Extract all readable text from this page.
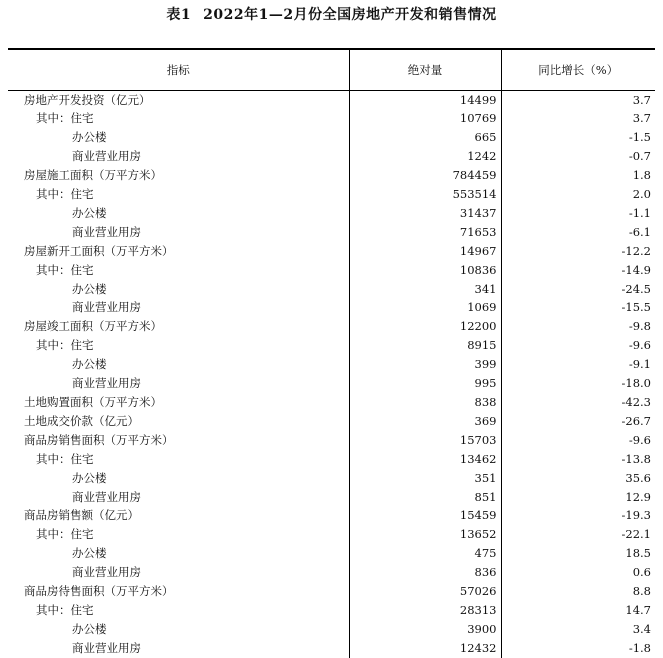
表1 2022年1—2月份全国房地产开发和销售情况
指标	绝对量	同比增长（%）
房地产开发投资（亿元）	14499	3.7
其中：住宅	10769	3.7
办公楼	665	-1.5
商业营业用房	1242	-0.7
房屋施工面积（万平方米）	784459	1.8
其中：住宅	553514	2.0
办公楼	31437	-1.1
商业营业用房	71653	-6.1
房屋新开工面积（万平方米）	14967	-12.2
其中：住宅	10836	-14.9
办公楼	341	-24.5
商业营业用房	1069	-15.5
房屋竣工面积（万平方米）	12200	-9.8
其中：住宅	8915	-9.6
办公楼	399	-9.1
商业营业用房	995	-18.0
土地购置面积（万平方米）	838	-42.3
土地成交价款（亿元）	369	-26.7
商品房销售面积（万平方米）	15703	-9.6
其中：住宅	13462	-13.8
办公楼	351	35.6
商业营业用房	851	12.9
商品房销售额（亿元）	15459	-19.3
其中：住宅	13652	-22.1
办公楼	475	18.5
商业营业用房	836	0.6
商品房待售面积（万平方米）	57026	8.8
其中：住宅	28313	14.7
办公楼	3900	3.4
商业营业用房	12432	-1.8
